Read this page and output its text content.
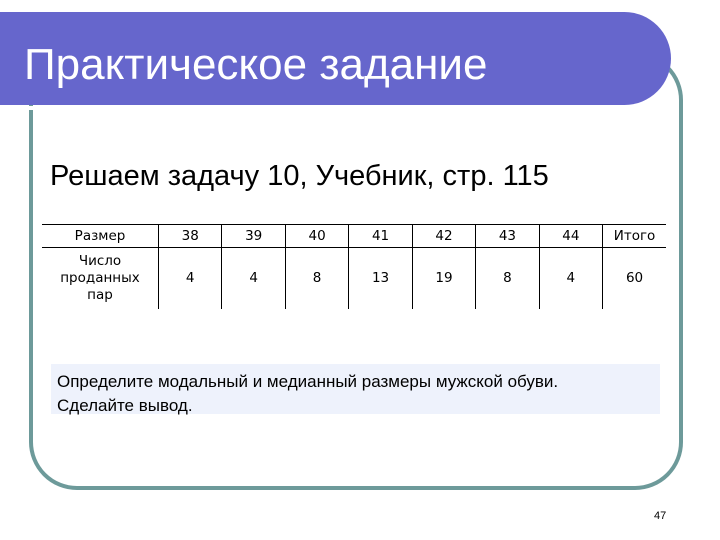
Практическое задание
Решаем задачу 10, Учебник, стр. 115
Размер	38	39	40	41	42	43	44	Итого

Число
проданных
пар	4	4	8	13	19	8	4	60
Определите модальный и медианный размеры мужской обуви.
Сделайте вывод.
47
